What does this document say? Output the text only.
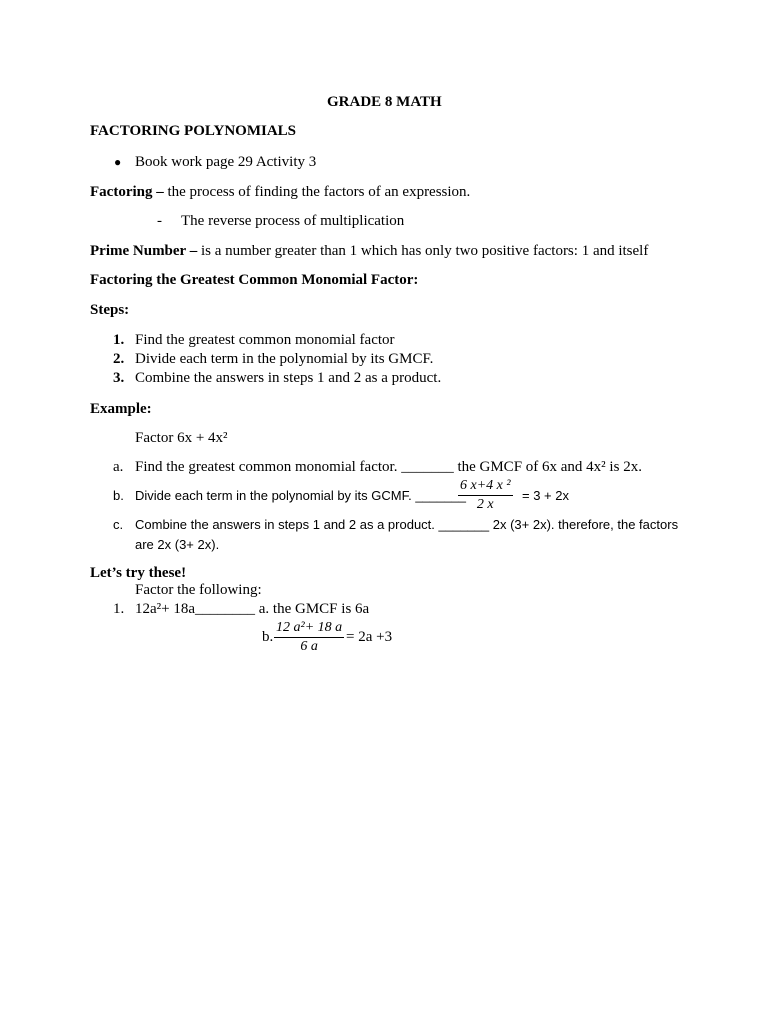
GRADE 8 MATH
FACTORING POLYNOMIALS
● Book work page 29 Activity 3
Factoring – the process of finding the factors of an expression.
- The reverse process of multiplication
Prime Number – is a number greater than 1 which has only two positive factors: 1 and itself
Factoring the Greatest Common Monomial Factor:
Steps:
1. Find the greatest common monomial factor
2. Divide each term in the polynomial by its GMCF.
3. Combine the answers in steps 1 and 2 as a product.
Example:
Factor 6x + 4x²
a. Find the greatest common monomial factor. _______ the GMCF of 6x and 4x² is 2x.
b. Divide each term in the polynomial by its GCMF. _______
$\frac{\text{6 x+4 x ²}}{2 x} = 3 + 2x$
c. Combine the answers in steps 1 and 2 as a product. _______ 2x (3+ 2x). therefore, the factors
are 2x (3+ 2x).
Let’s try these!
Factor the following:
1. 12a²+ 18a________ a. the GMCF is 6a
b. $\frac{\text{12 a²+ 18 a}}{6 a} = 2a +3$
